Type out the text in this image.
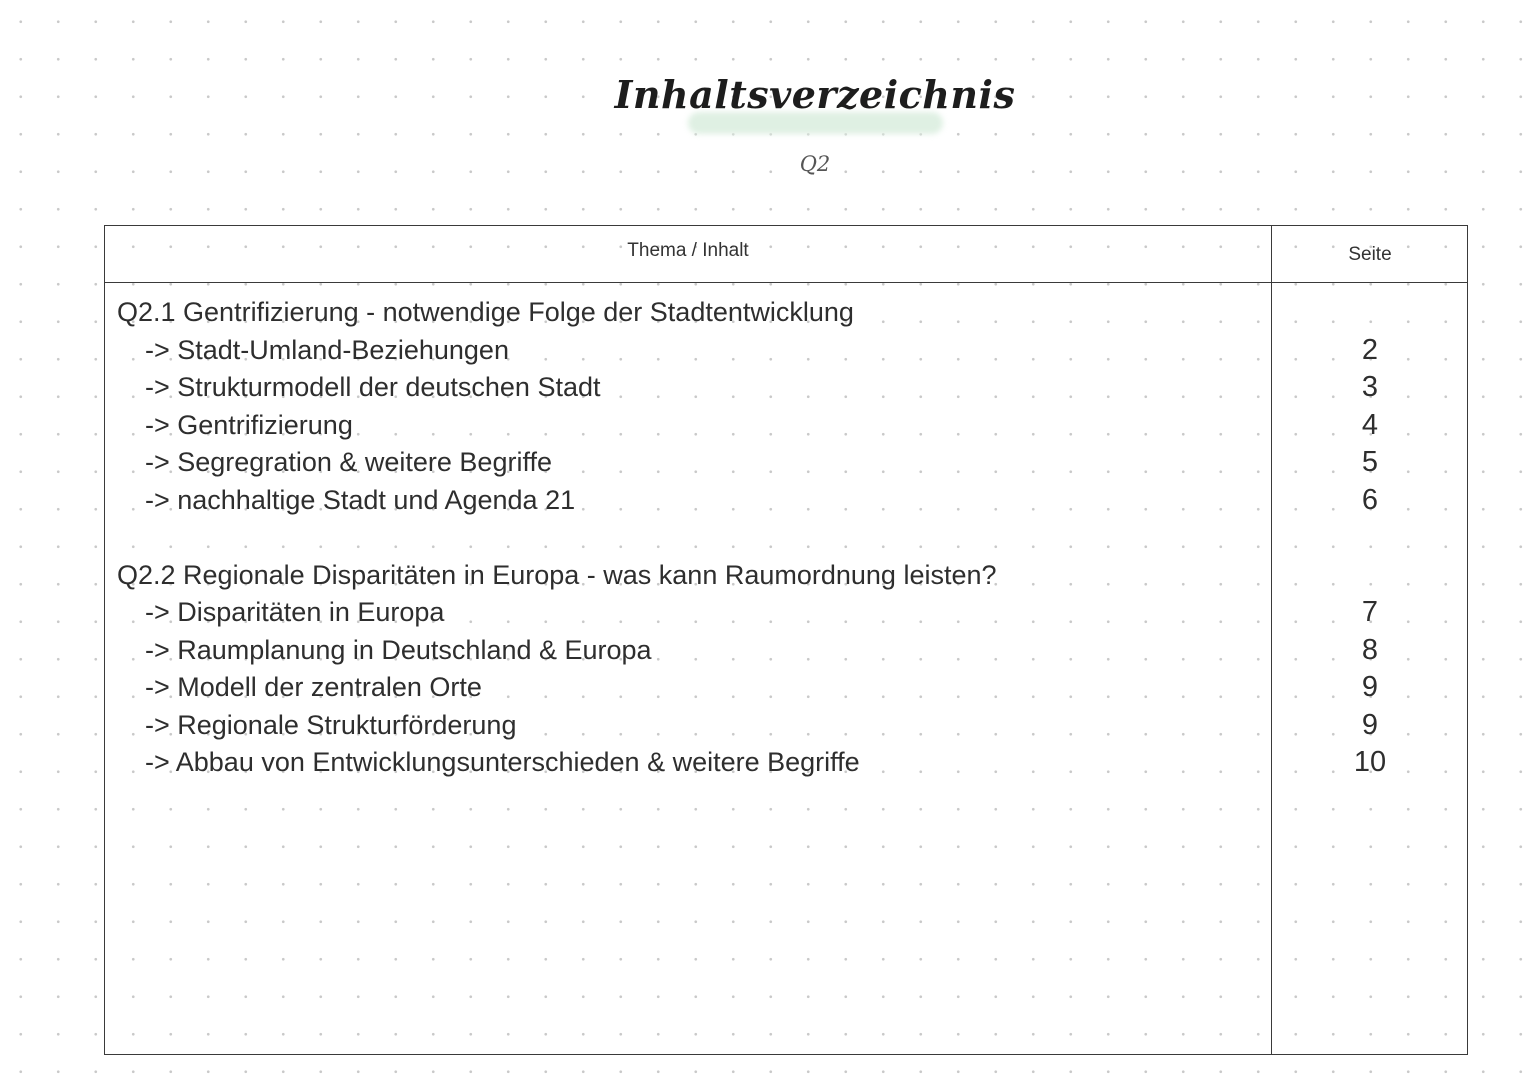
Inhaltsverzeichnis
Q2
Thema / Inhalt	Seite
Q2.1 Gentrifizierung - notwendige Folge der Stadtentwicklung
-> Stadt-Umland-Beziehungen
-> Strukturmodell der deutschen Stadt
-> Gentrifizierung
-> Segregration & weitere Begriffe
-> nachhaltige Stadt und Agenda 21
Q2.2 Regionale Disparitäten in Europa - was kann Raumordnung leisten?
-> Disparitäten in Europa
-> Raumplanung in Deutschland & Europa
-> Modell der zentralen Orte
-> Regionale Strukturförderung
-> Abbau von Entwicklungsunterschieden & weitere Begriffe
2
3
4
5
6
7
8
9
9
10
